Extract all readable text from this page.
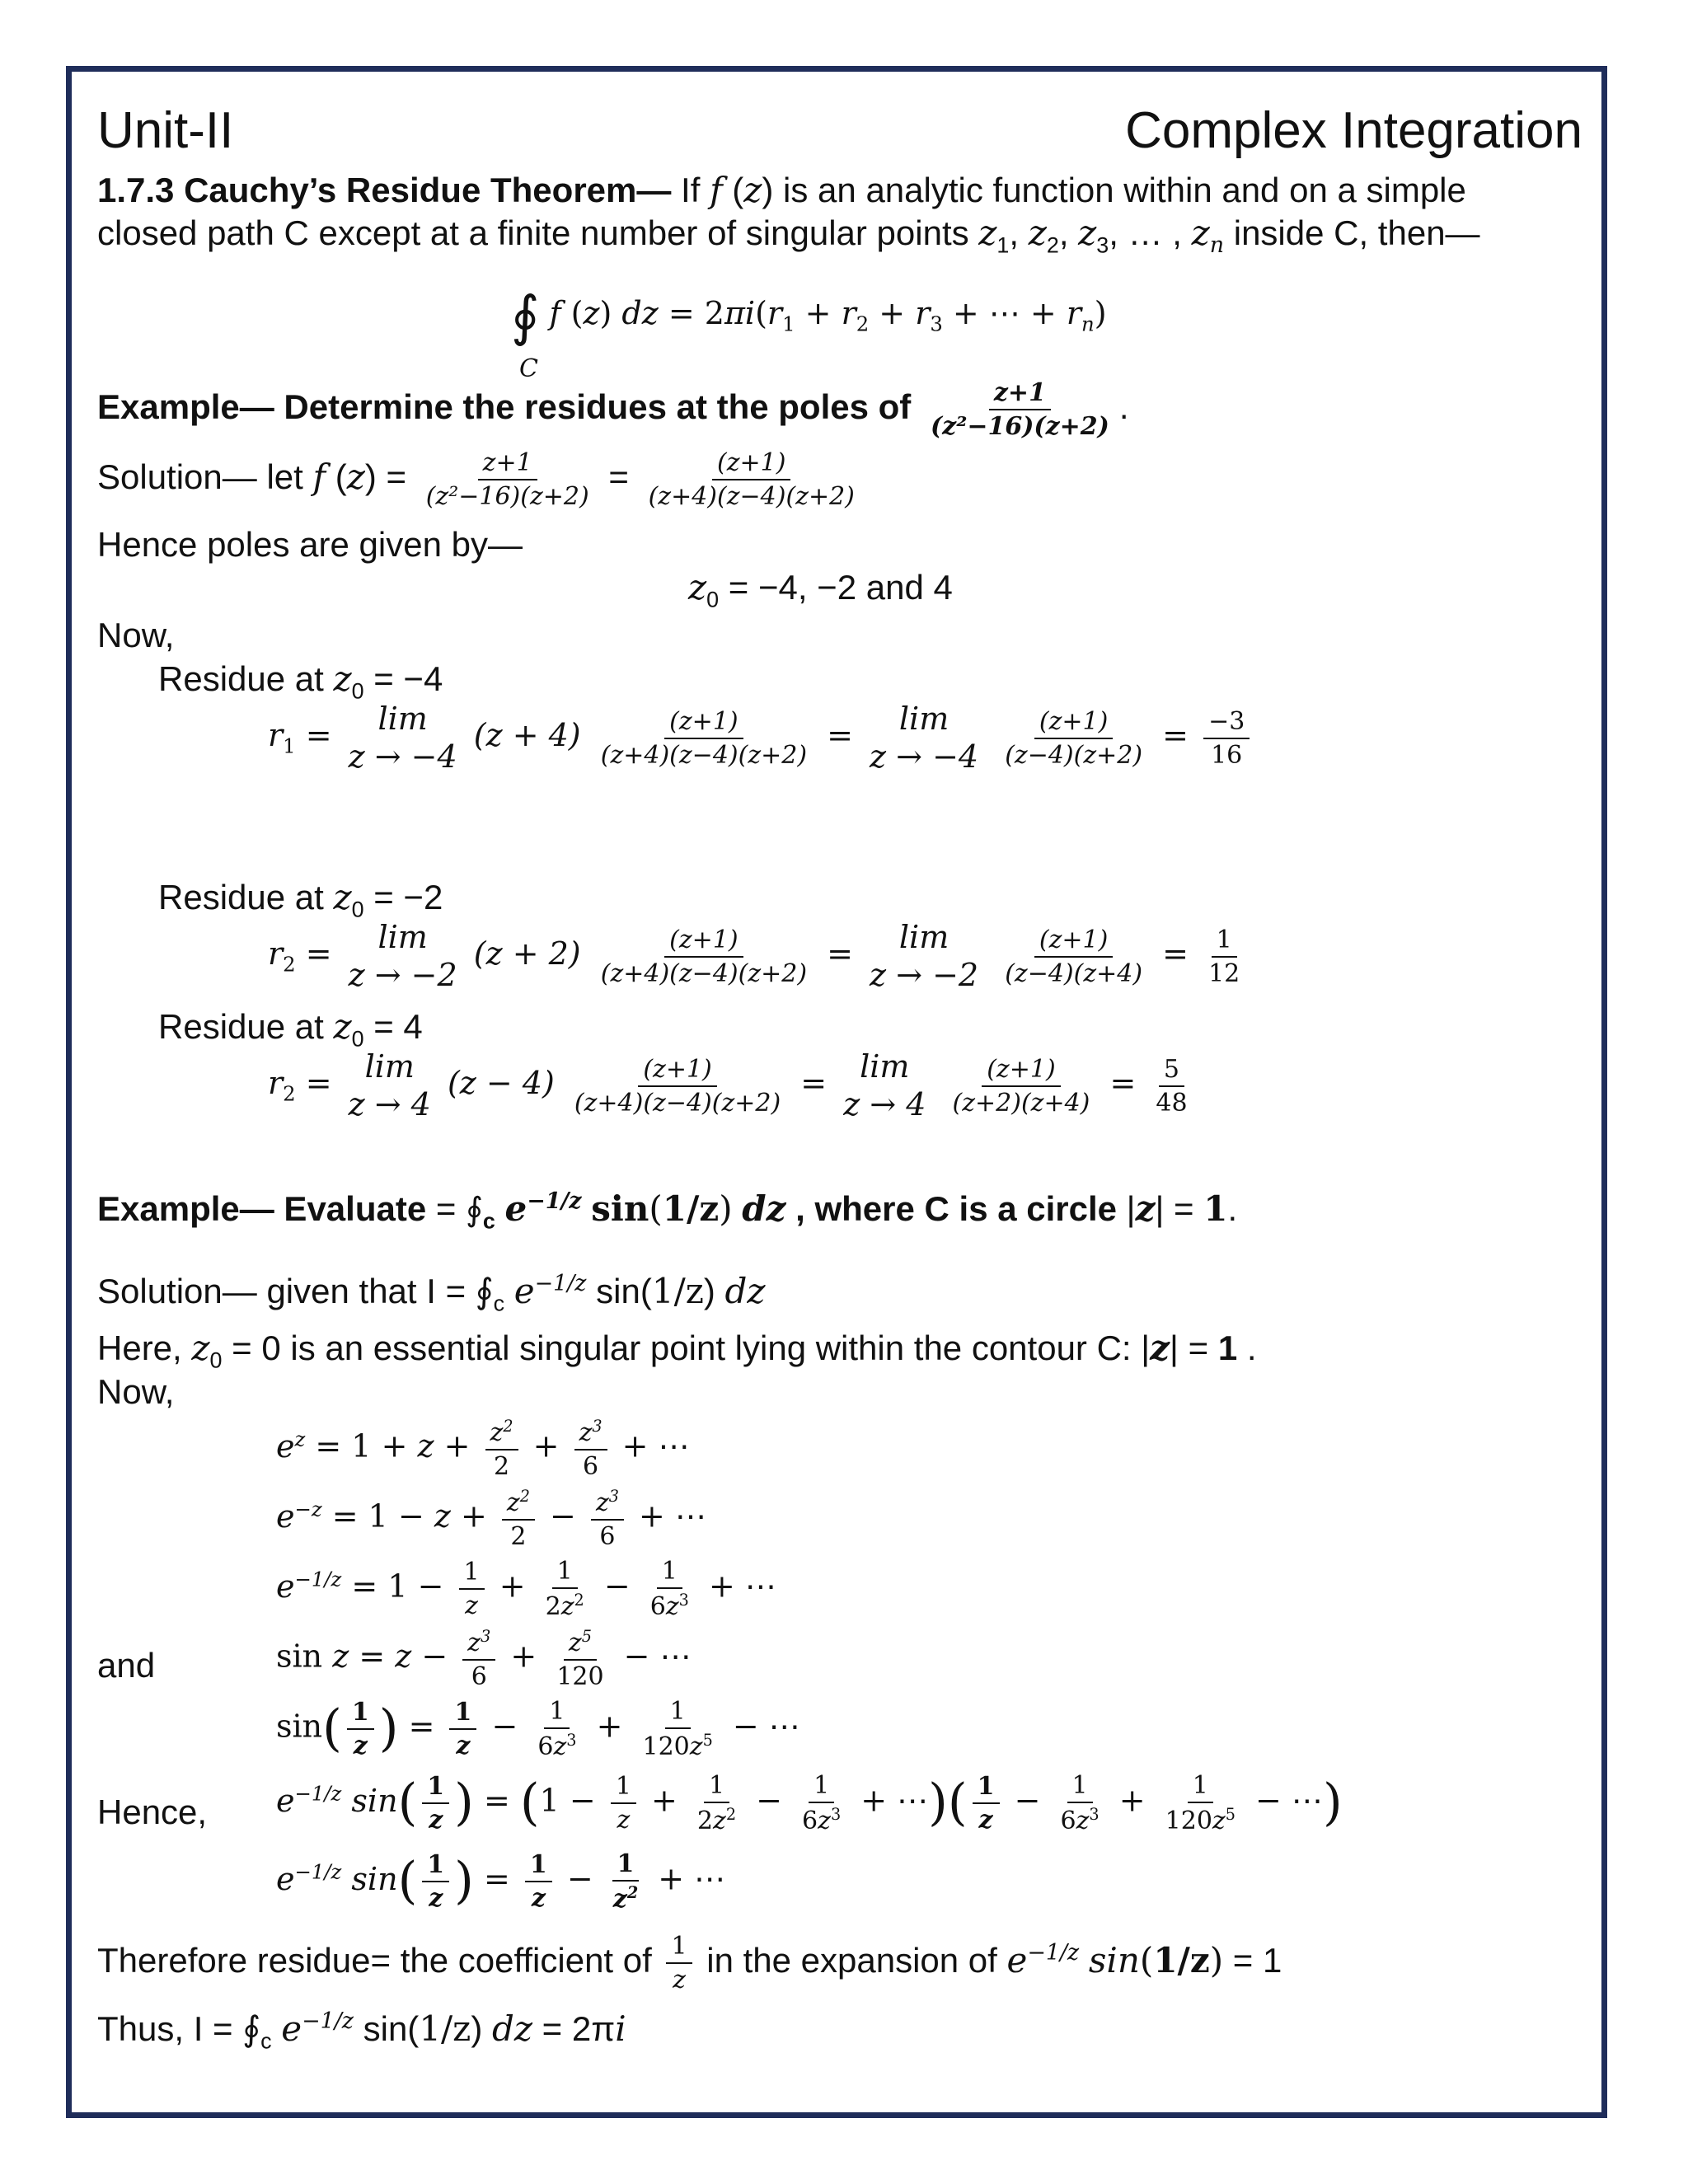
Unit-II	Complex Integration
1.7.3 Cauchy’s Residue Theorem— If f (z) is an analytic function within and on a simple
closed path C except at a finite number of singular points $z_1$, $z_2$, $z_3$, … , $z_n$ inside C, then—
∮ f (z) dz = $2\pi i(r_1 + r_2 + r_3$ + ⋯ + $r_n$)
C
Example— Determine the residues at the poles of $\frac{z+1}{\text{(z²−16)(z+2)}}$ .
Solution— let f $(z) = \frac{z+1}{\text{(z²−16)(z+2)}} = \frac{(z+1)}{(z+4)(z-4)(z+2)}$
Hence poles are given by—
$z_0 = -4$, −2 and 4
Now,
Residue at $z_0 = -4$
$r_1 = \lim$
z → −4
$(z + 4) \frac{(z+1)}{(z+4)(z-4)(z+2)} = \lim$
z → −4
$\frac{(z+1)}{(z-4)(z+2)} = \frac{-3}{16}$
Residue at $z_0 = -2$
$r_2 = \lim$
z → −2
$(z + 2) \frac{(z+1)}{(z+4)(z-4)(z+2)} = \lim$
z → −2
$\frac{(z+1)}{(z-4)(z+4)} = \frac{1}{12}$
Residue at $z_0 = 4$
$r_2 = \lim$
z → 4
$(z - 4) \frac{(z+1)}{(z+4)(z-4)(z+2)} = \lim$
z → 4
$\frac{(z+1)}{(z+2)(z+4)} = \frac{5}{48}$
Example— Evaluate = $∮_c$ $e^{-1/z}$ sin(1/z) dz , where C is a circle |z| = 1.
Solution— given that $I = ∮_c$ $e^{-1/z}$ sin(1/z) dz
Here, $z_0 = 0$ is an essential singular point lying within the contour C: |z| = 1 .
Now,
$e^z = 1 + z + \frac{z^2}{2} + \frac{z^3}{6}$ + ⋯
$e^{-z} = 1 - z + \frac{z^2}{2} - \frac{z^3}{6}$ + ⋯
$e^{-1/z} = 1 - \frac{1}{z} + \frac{1}{2z^2} - \frac{1}{6z^3}$ + ⋯
and	$\sin z = z - \frac{z^3}{6} + \frac{z^5}{120}$ − ⋯
$\sin( \frac{1}{z}$ ) = $\frac{1}{z} - \frac{1}{6z^3} + \frac{1}{120z^5}$ − ⋯
Hence, $e^{-1/z}$ $\sin( \frac{1}{z}$ ) = ($1 - \frac{1}{z} + \frac{1}{2z^2} - \frac{1}{6z^3}$ + ⋯)( $\frac{1}{z} - \frac{1}{6z^3} + \frac{1}{120z^5}$ − ⋯)
$e^{-1/z}$ $\sin( \frac{1}{z}$ ) = $\frac{1}{z} - \frac{1}{z^2}$ + ⋯
Therefore residue= the coefficient of $\frac{1}{z}$ in the expansion of $e^{-1/z}$ sin(1/z) = 1
Thus, $I = ∮_c$ $e^{-1/z}$ sin(1/z) dz = 2πi
